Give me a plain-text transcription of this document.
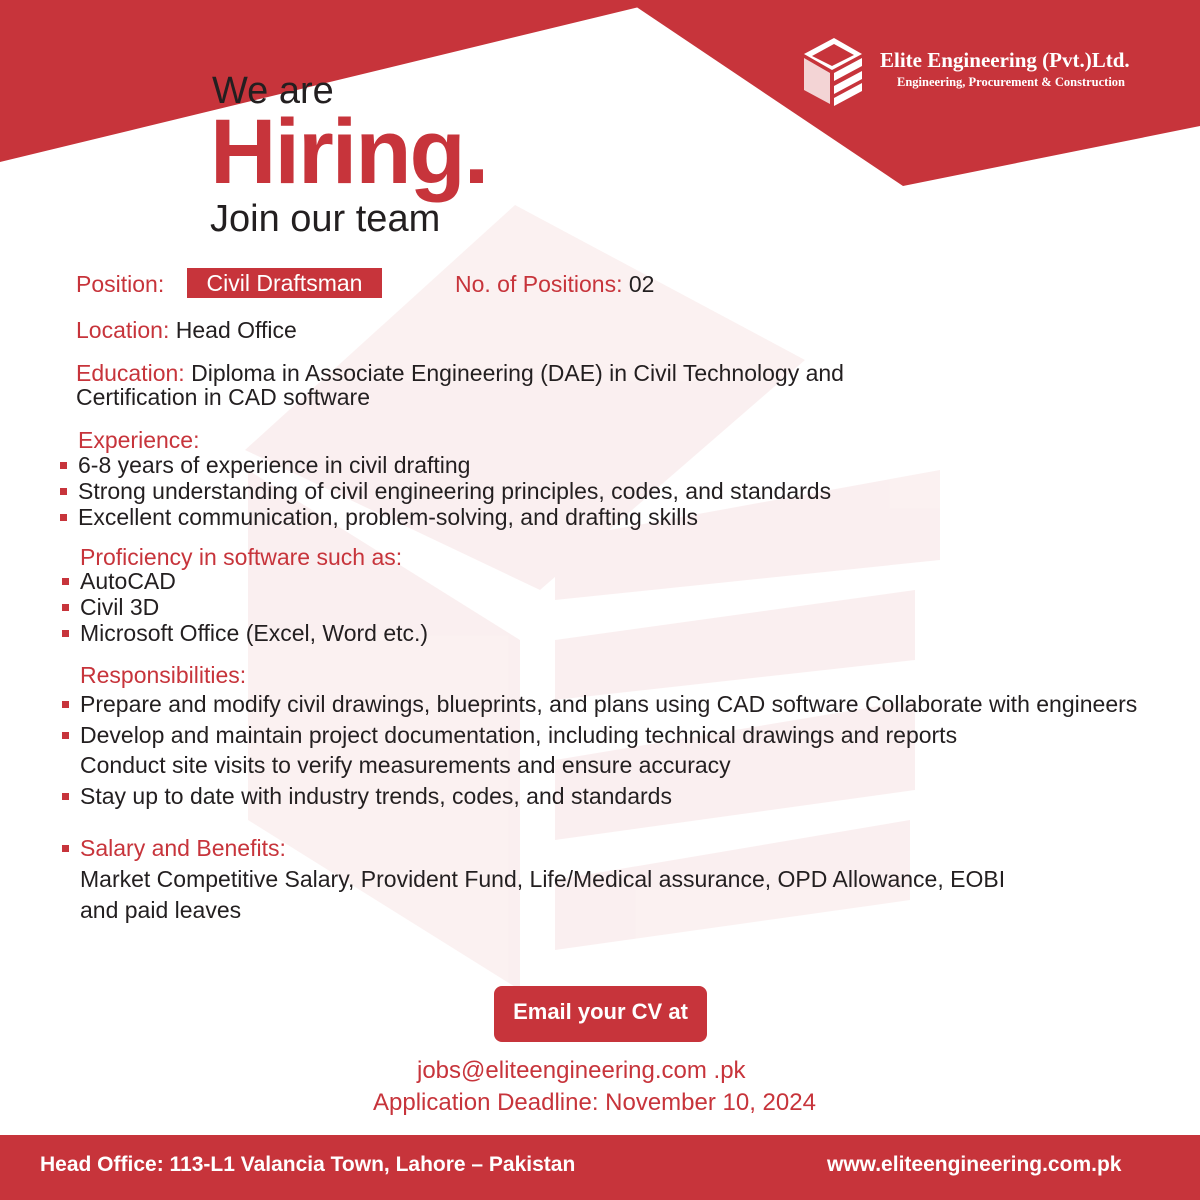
Elite Engineering (Pvt.)Ltd.
Engineering, Procurement & Construction
We are
Hiring.
Join our team
Position:	Civil Draftsman	No. of Positions: 02
Location: Head Office
Education: Diploma in Associate Engineering (DAE) in Civil Technology and
Certification in CAD software
Experience:
6-8 years of experience in civil drafting
Strong understanding of civil engineering principles, codes, and standards
Excellent communication, problem-solving, and drafting skills
Proficiency in software such as:
AutoCAD
Civil 3D
Microsoft Office (Excel, Word etc.)
Responsibilities:
Prepare and modify civil drawings, blueprints, and plans using CAD software Collaborate with engineers
Develop and maintain project documentation, including technical drawings and reports
Conduct site visits to verify measurements and ensure accuracy
Stay up to date with industry trends, codes, and standards
Salary and Benefits:
Market Competitive Salary, Provident Fund, Life/Medical assurance, OPD Allowance, EOBI
and paid leaves
Email your CV at
jobs@eliteengineering.com .pk
Application Deadline: November 10, 2024
Head Office: 113-L1 Valancia Town, Lahore – Pakistan	www.eliteengineering.com.pk
